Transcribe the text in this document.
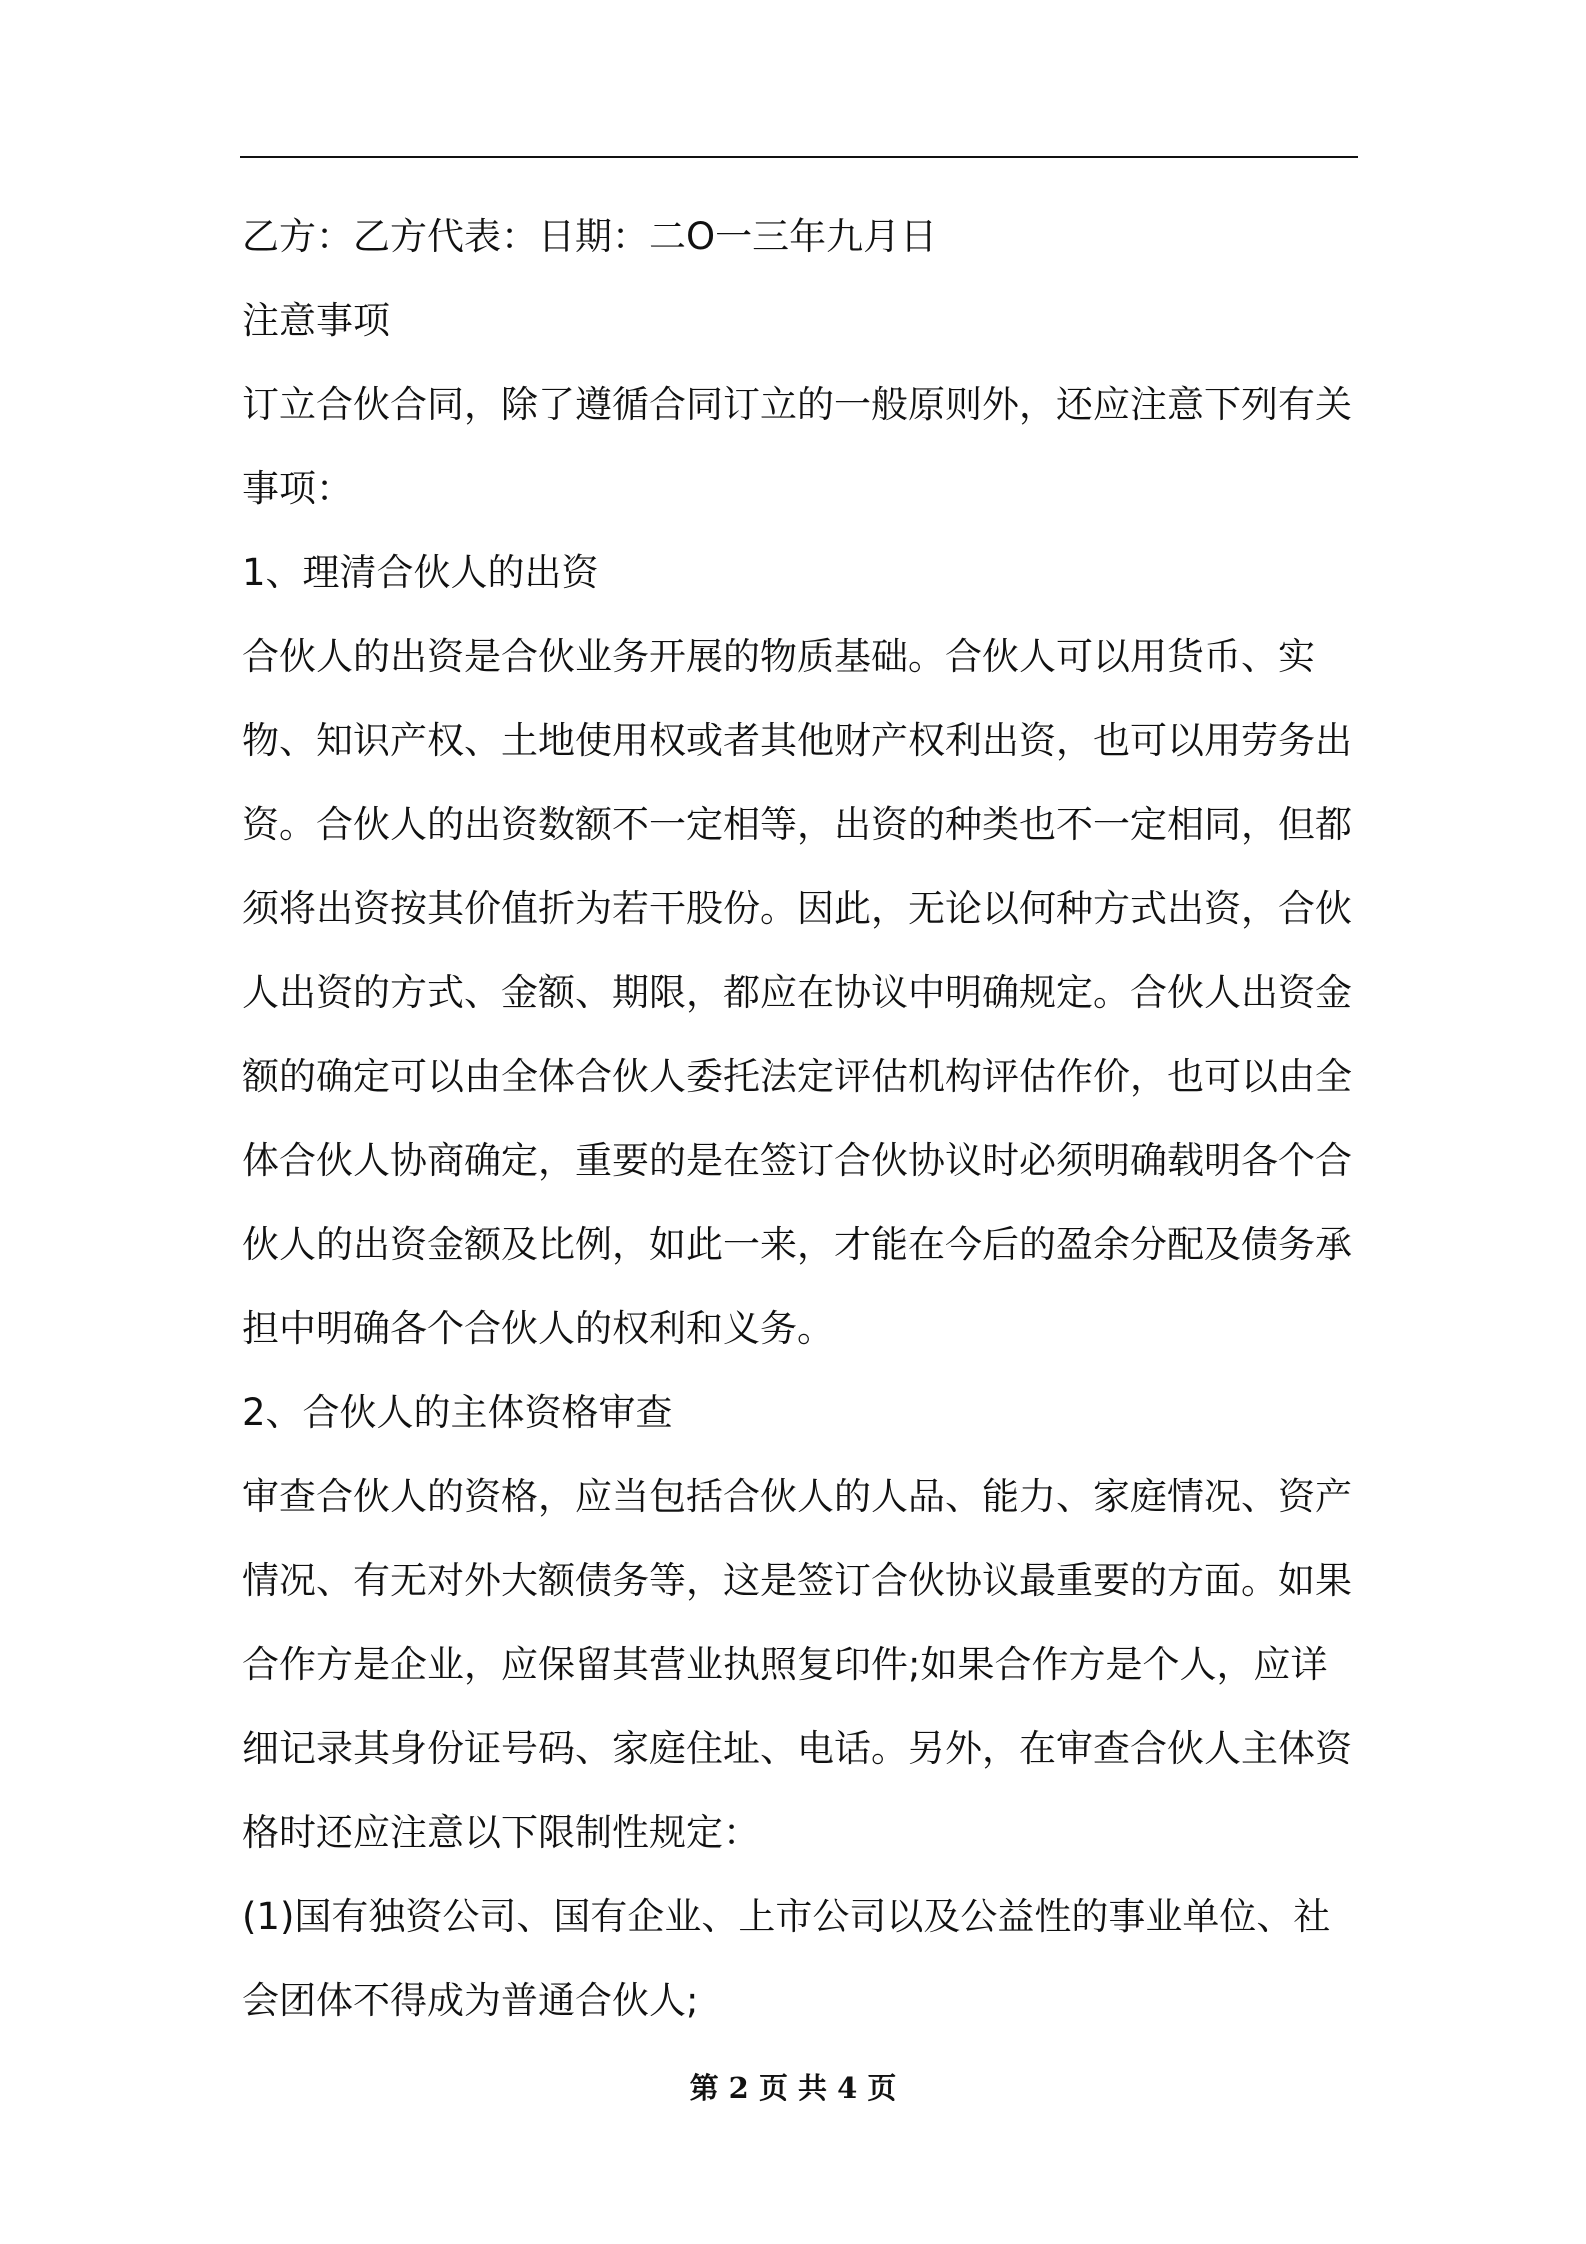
乙方：乙方代表：日期：二O一三年九月日

注意事项

订立合伙合同，除了遵循合同订立的一般原则外，还应注意下列有关事项：

1、理清合伙人的出资

合伙人的出资是合伙业务开展的物质基础。合伙人可以用货币、实物、知识产权、土地使用权或者其他财产权利出资，也可以用劳务出资。合伙人的出资数额不一定相等，出资的种类也不一定相同，但都须将出资按其价值折为若干股份。因此，无论以何种方式出资，合伙人出资的方式、金额、期限，都应在协议中明确规定。合伙人出资金额的确定可以由全体合伙人委托法定评估机构评估作价，也可以由全体合伙人协商确定，重要的是在签订合伙协议时必须明确载明各个合伙人的出资金额及比例，如此一来，才能在今后的盈余分配及债务承担中明确各个合伙人的权利和义务。

2、合伙人的主体资格审查

审查合伙人的资格，应当包括合伙人的人品、能力、家庭情况、资产情况、有无对外大额债务等，这是签订合伙协议最重要的方面。如果合作方是企业，应保留其营业执照复印件;如果合作方是个人，应详细记录其身份证号码、家庭住址、电话。另外，在审查合伙人主体资格时还应注意以下限制性规定：

(1)国有独资公司、国有企业、上市公司以及公益性的事业单位、社会团体不得成为普通合伙人;

第 2 页 共 4 页
